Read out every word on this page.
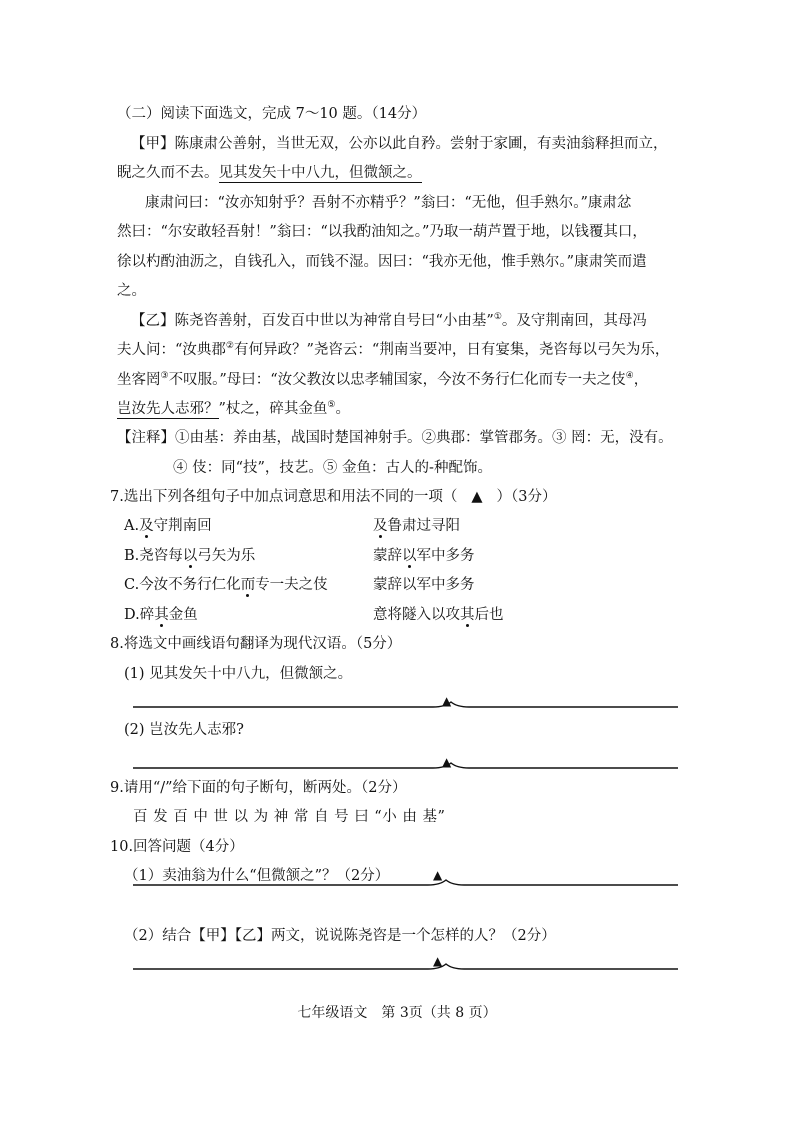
（二）阅读下面选文，完成 7～10 题。（14分）
【甲】陈康肃公善射，当世无双，公亦以此自矜。尝射于家圃，有卖油翁释担而立，
睨之久而不去。见其发矢十中八九，但微颔之。
康肃问曰：“汝亦知射乎？吾射不亦精乎？”翁曰：“无他，但手熟尔。”康肃忿
然曰：“尔安敢轻吾射！”翁曰：“以我酌油知之。”乃取一葫芦置于地，以钱覆其口，
徐以杓酌油沥之，自钱孔入，而钱不湿。因曰：“我亦无他，惟手熟尔。”康肃笑而遣
之。
【乙】陈尧咨善射，百发百中世以为神常自号曰“小由基”①。及守荆南回，其母冯
夫人问：“汝典郡②有何异政？”尧咨云：“荆南当要冲，日有宴集，尧咨每以弓矢为乐，
坐客罔③不叹服。”母曰：“汝父教汝以忠孝辅国家，今汝不务行仁化而专一夫之伎④，
岂汝先人志邪？”杖之，碎其金鱼⑤。
【注释】①由基：养由基，战国时楚国神射手。②典郡：掌管郡务。③ 罔：无，没有。
④ 伎：同“技”，技艺。⑤ 金鱼：古人的-种配饰。
7.选出下列各组句子中加点词意思和用法不同的一项（ ▲ ）（3分）
A.及守荆南回	及鲁肃过寻阳
B.尧咨每以弓矢为乐	蒙辞以军中多务
C.今汝不务行仁化而专一夫之伎	蒙辞以军中多务
D.碎其金鱼	意将隧入以攻其后也
8.将选文中画线语句翻译为现代汉语。（5分）
(1) 见其发矢十中八九，但微颔之。
▲
(2) 岂汝先人志邪?
▲
9.请用“/”给下面的句子断句，断两处。（2分）
百 发 百 中 世 以 为 神 常 自 号 曰 “小 由 基”
10.回答问题（4分）
（1）卖油翁为什么“但微颔之”？（2分）	▲
（2）结合【甲】【乙】两文，说说陈尧咨是一个怎样的人？（2分）
▲
七年级语文　第 3页（共 8 页）
